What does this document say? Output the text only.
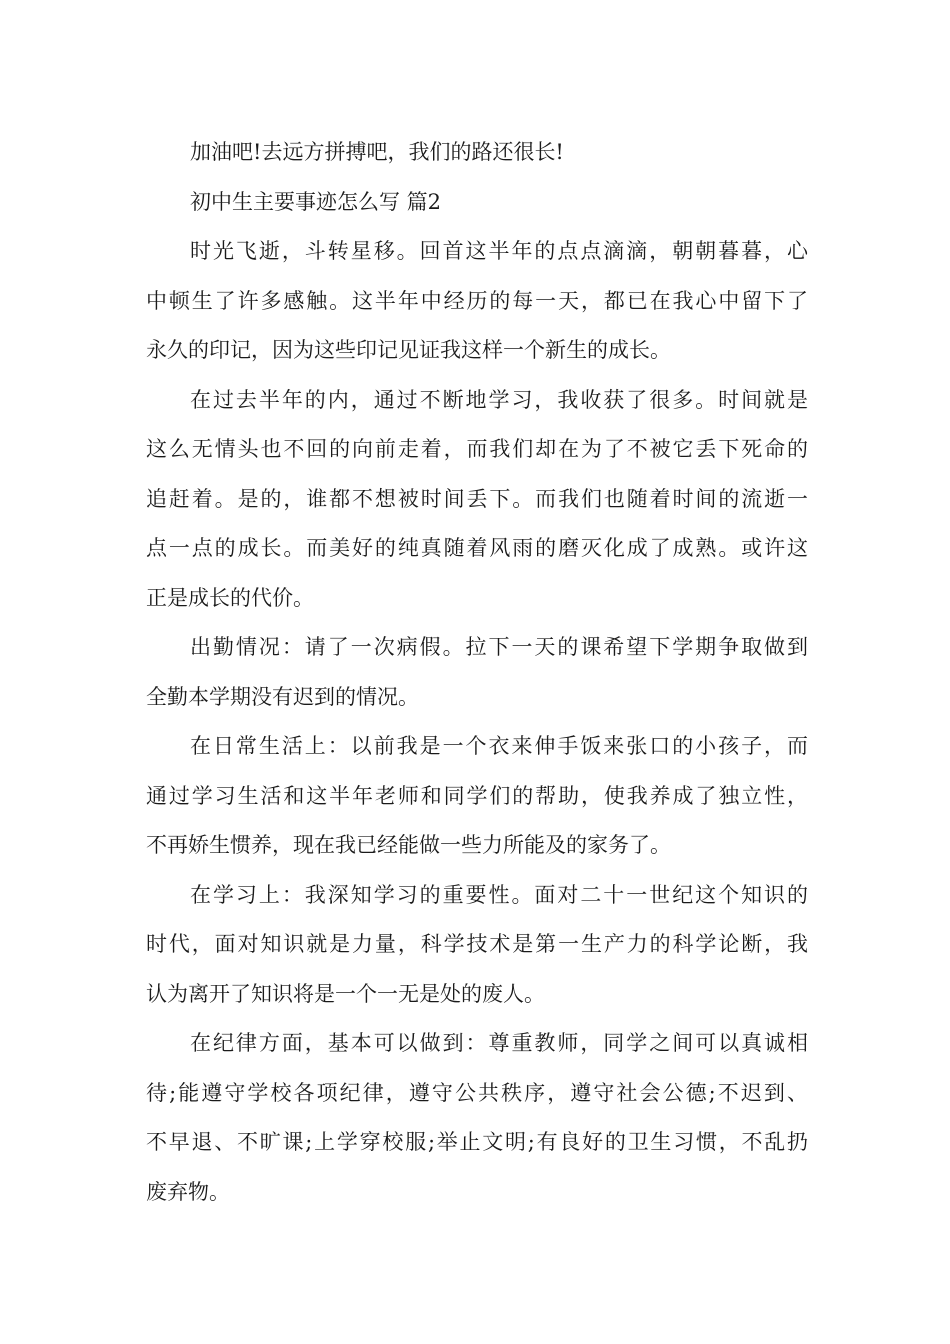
加油吧!去远方拼搏吧，我们的路还很长!
初中生主要事迹怎么写 篇2
时光飞逝，斗转星移。回首这半年的点点滴滴，朝朝暮暮，心
中顿生了许多感触。这半年中经历的每一天，都已在我心中留下了
永久的印记，因为这些印记见证我这样一个新生的成长。
在过去半年的内，通过不断地学习，我收获了很多。时间就是
这么无情头也不回的向前走着，而我们却在为了不被它丢下死命的
追赶着。是的，谁都不想被时间丢下。而我们也随着时间的流逝一
点一点的成长。而美好的纯真随着风雨的磨灭化成了成熟。或许这
正是成长的代价。
出勤情况：请了一次病假。拉下一天的课希望下学期争取做到
全勤本学期没有迟到的情况。
在日常生活上：以前我是一个衣来伸手饭来张口的小孩子，而
通过学习生活和这半年老师和同学们的帮助，使我养成了独立性，
不再娇生惯养，现在我已经能做一些力所能及的家务了。
在学习上：我深知学习的重要性。面对二十一世纪这个知识的
时代，面对知识就是力量，科学技术是第一生产力的科学论断，我
认为离开了知识将是一个一无是处的废人。
在纪律方面，基本可以做到：尊重教师，同学之间可以真诚相
待;能遵守学校各项纪律，遵守公共秩序，遵守社会公德;不迟到、
不早退、不旷课;上学穿校服;举止文明;有良好的卫生习惯，不乱扔
废弃物。
